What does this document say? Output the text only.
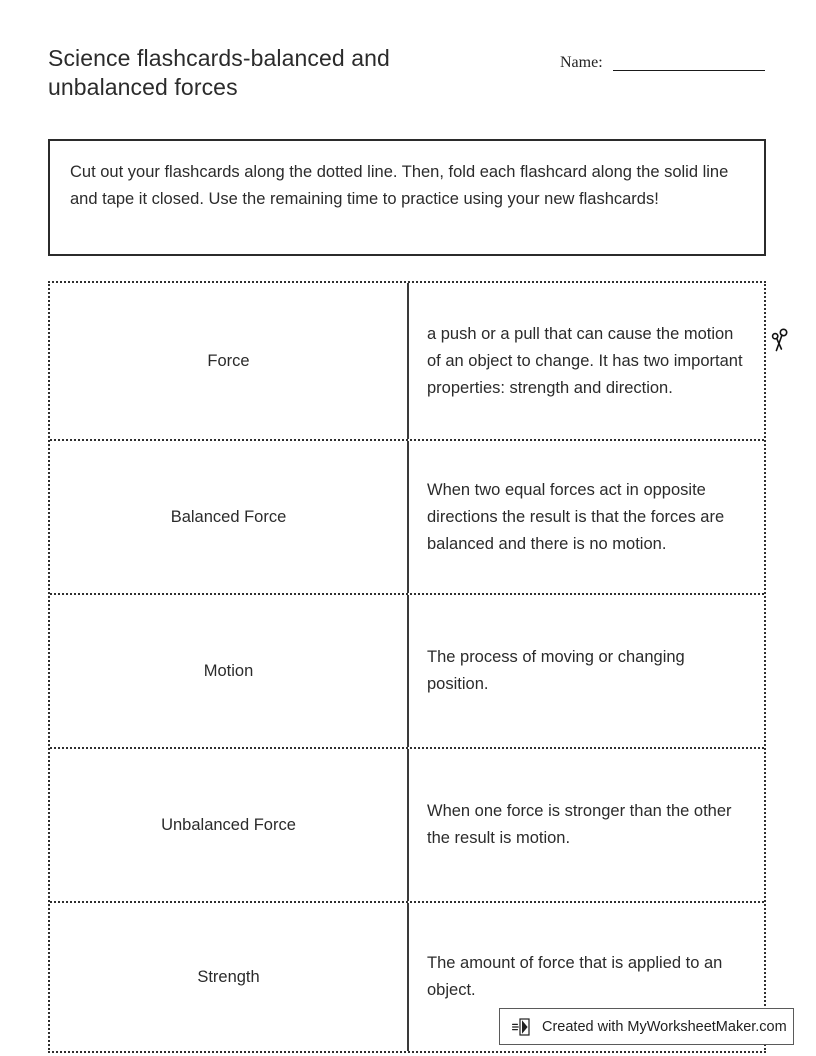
Science flashcards-balanced and unbalanced forces
Name:
Cut out your flashcards along the dotted line. Then, fold each flashcard along the solid line and tape it closed. Use the remaining time to practice using your new flashcards!
Force
a push or a pull that can cause the motion of an object to change. It has two important properties: strength and direction.
Balanced Force
When two equal forces act in opposite directions the result is that the forces are balanced and there is no motion.
Motion
The process of moving or changing position.
Unbalanced Force
When one force is stronger than the other the result is motion.
Strength
The amount of force that is applied to an object.
Created with MyWorksheetMaker.com
